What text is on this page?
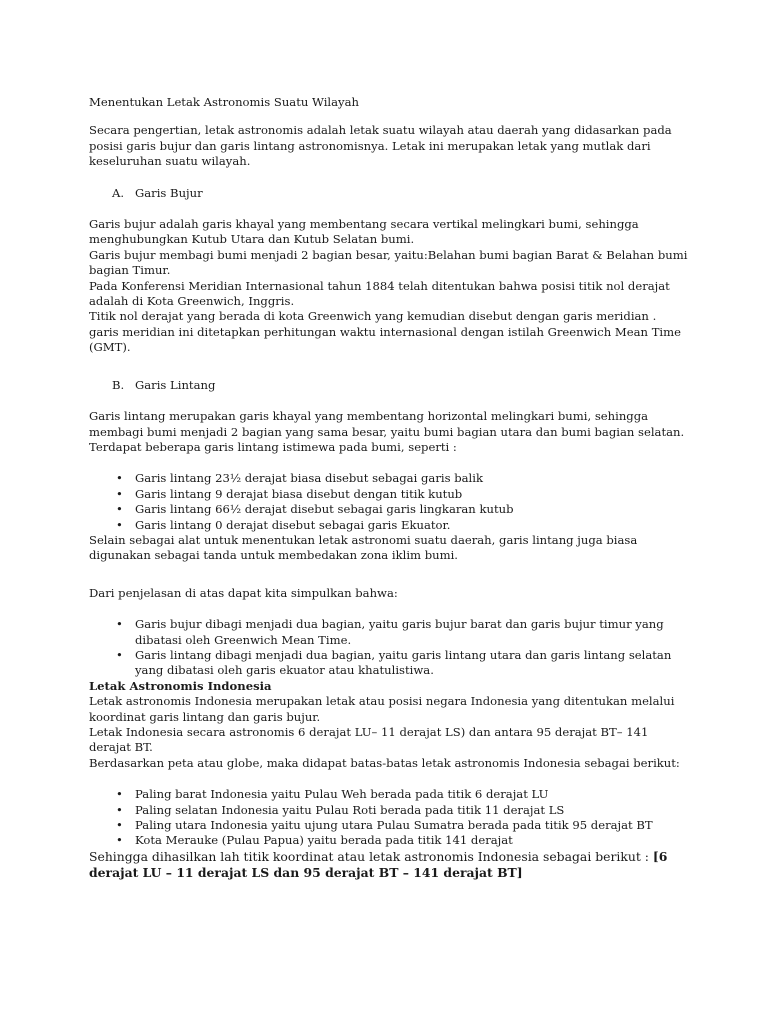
Menentukan Letak Astronomis Suatu Wilayah

Secara pengertian, letak astronomis adalah letak suatu wilayah atau daerah yang didasarkan pada posisi garis bujur dan garis lintang astronomisnya. Letak ini merupakan letak yang mutlak dari keseluruhan suatu wilayah.

A. Garis Bujur

Garis bujur adalah garis khayal yang membentang secara vertikal melingkari bumi, sehingga menghubungkan Kutub Utara dan Kutub Selatan bumi.

Garis bujur membagi bumi menjadi 2 bagian besar, yaitu:Belahan bumi bagian Barat & Belahan bumi bagian Timur.

Pada Konferensi Meridian Internasional tahun 1884 telah ditentukan bahwa posisi titik nol derajat adalah di Kota Greenwich, Inggris.

Titik nol derajat yang berada di kota Greenwich yang kemudian disebut dengan garis meridian . garis meridian ini ditetapkan perhitungan waktu internasional dengan istilah Greenwich Mean Time (GMT).

B. Garis Lintang

Garis lintang merupakan garis khayal yang membentang horizontal melingkari bumi, sehingga membagi bumi menjadi 2 bagian yang sama besar, yaitu bumi bagian utara dan bumi bagian selatan.

Terdapat beberapa garis lintang istimewa pada bumi, seperti :

• Garis lintang 23½ derajat biasa disebut sebagai garis balik
• Garis lintang 9 derajat biasa disebut dengan titik kutub
• Garis lintang 66½ derajat disebut sebagai garis lingkaran kutub
• Garis lintang 0 derajat disebut sebagai garis Ekuator.

Selain sebagai alat untuk menentukan letak astronomi suatu daerah, garis lintang juga biasa digunakan sebagai tanda untuk membedakan zona iklim bumi.

Dari penjelasan di atas dapat kita simpulkan bahwa:

• Garis bujur dibagi menjadi dua bagian, yaitu garis bujur barat dan garis bujur timur yang dibatasi oleh Greenwich Mean Time.
• Garis lintang dibagi menjadi dua bagian, yaitu garis lintang utara dan garis lintang selatan yang dibatasi oleh garis ekuator atau khatulistiwa.

Letak Astronomis Indonesia

Letak astronomis Indonesia merupakan letak atau posisi negara Indonesia yang ditentukan melalui koordinat garis lintang dan garis bujur.

Letak Indonesia secara astronomis 6 derajat LU– 11 derajat LS) dan antara 95 derajat BT– 141 derajat BT.

Berdasarkan peta atau globe, maka didapat batas-batas letak astronomis Indonesia sebagai berikut:

• Paling barat Indonesia yaitu Pulau Weh berada pada titik 6 derajat LU
• Paling selatan Indonesia yaitu Pulau Roti berada pada titik 11 derajat LS
• Paling utara Indonesia yaitu ujung utara Pulau Sumatra berada pada titik 95 derajat BT
• Kota Merauke (Pulau Papua) yaitu berada pada titik 141 derajat

Sehingga dihasilkan lah titik koordinat atau letak astronomis Indonesia sebagai berikut : [6 derajat LU – 11 derajat LS dan 95 derajat BT – 141 derajat BT]
